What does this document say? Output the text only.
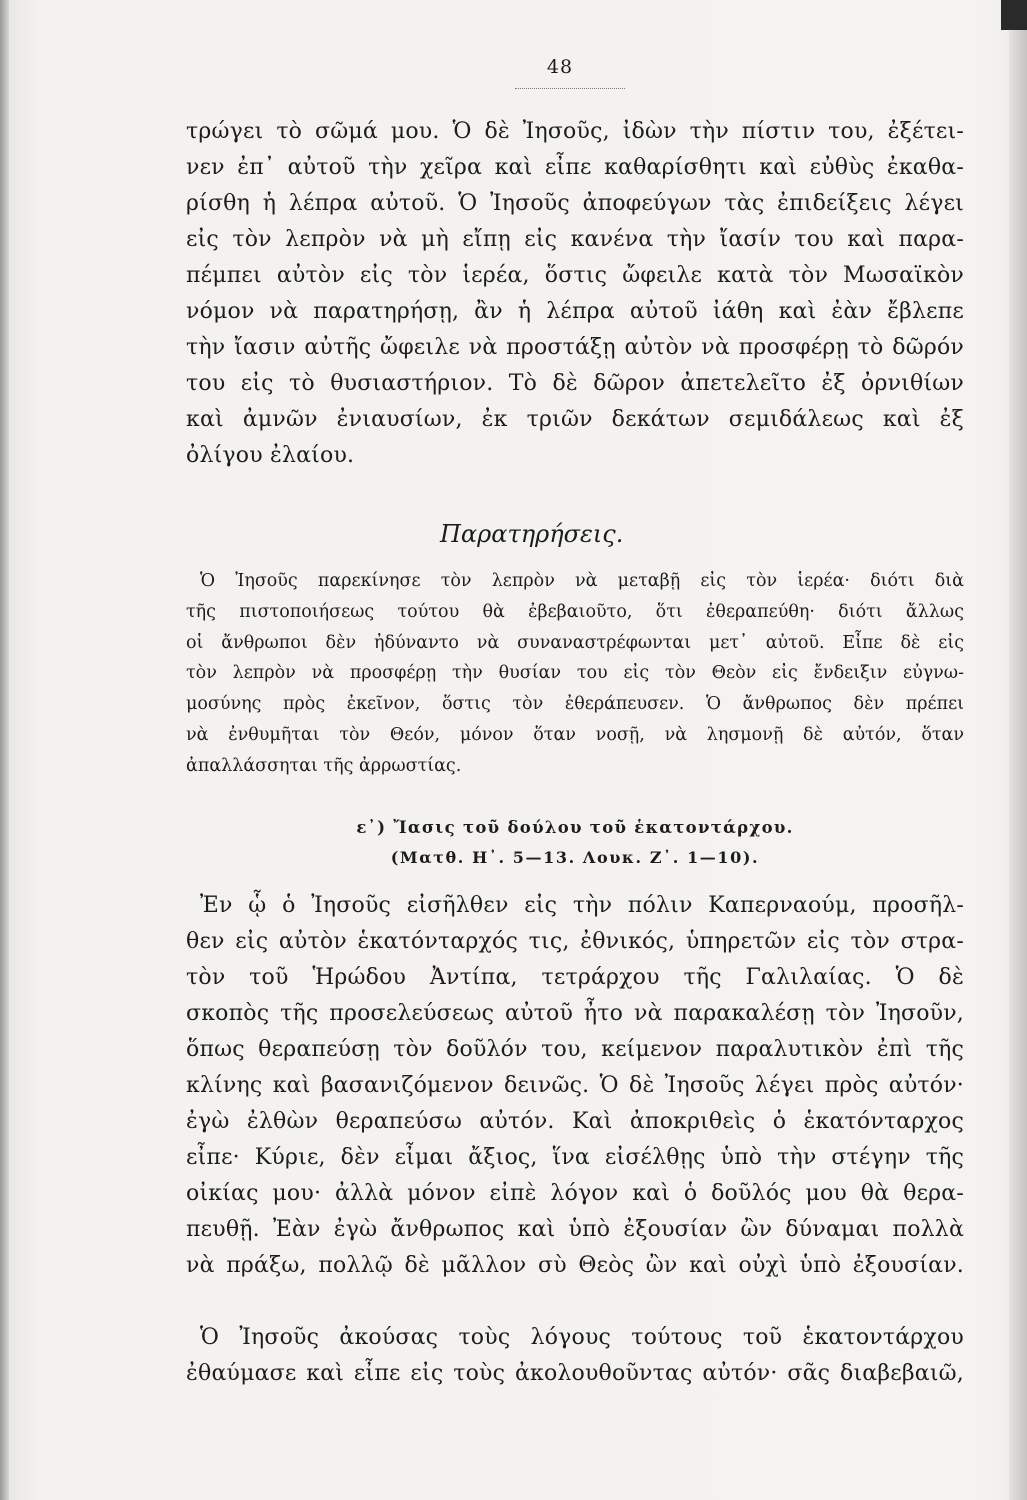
48
τρώγει τὸ σῶμά μου. Ὁ δὲ Ἰησοῦς, ἰδὼν τὴν πίστιν του, ἐξέτει-
νεν ἐπ᾽ αὐτοῦ τὴν χεῖρα καὶ εἶπε καθαρίσθητι καὶ εὐθὺς ἐκαθα-
ρίσθη ἡ λέπρα αὐτοῦ. Ὁ Ἰησοῦς ἀποφεύγων τὰς ἐπιδείξεις λέγει
εἰς τὸν λεπρὸν νὰ μὴ εἴπῃ εἰς κανένα τὴν ἴασίν του καὶ παρα-
πέμπει αὐτὸν εἰς τὸν ἱερέα, ὅστις ὤφειλε κατὰ τὸν Μωσαϊκὸν
νόμον νὰ παρατηρήσῃ, ἂν ἡ λέπρα αὐτοῦ ἰάθη καὶ ἐὰν ἔβλεπε
τὴν ἴασιν αὐτῆς ὤφειλε νὰ προστάξῃ αὐτὸν νὰ προσφέρῃ τὸ δῶρόν
του εἰς τὸ θυσιαστήριον. Τὸ δὲ δῶρον ἀπετελεῖτο ἐξ ὀρνιθίων
καὶ ἀμνῶν ἐνιαυσίων, ἐκ τριῶν δεκάτων σεμιδάλεως καὶ ἐξ
ὀλίγου ἐλαίου.
Παρατηρήσεις.
Ὁ Ἰησοῦς παρεκίνησε τὸν λεπρὸν νὰ μεταβῇ εἰς τὸν ἱερέα· διότι διὰ
τῆς πιστοποιήσεως τούτου θὰ ἐβεβαιοῦτο, ὅτι ἐθεραπεύθη· διότι ἄλλως
οἱ ἄνθρωποι δὲν ἠδύναντο νὰ συναναστρέφωνται μετ᾽ αὐτοῦ. Εἶπε δὲ εἰς
τὸν λεπρὸν νὰ προσφέρῃ τὴν θυσίαν του εἰς τὸν Θεὸν εἰς ἔνδειξιν εὐγνω-
μοσύνης πρὸς ἐκεῖνον, ὅστις τὸν ἐθεράπευσεν. Ὁ ἄνθρωπος δὲν πρέπει
νὰ ἐνθυμῆται τὸν Θεόν, μόνον ὅταν νοσῇ, νὰ λησμονῇ δὲ αὐτόν, ὅταν
ἀπαλλάσσηται τῆς ἀρρωστίας.
ε᾽) Ἴασις τοῦ δούλου τοῦ ἑκατοντάρχου.
(Ματθ. Η᾽. 5—13. Λουκ. Ζ᾽. 1—10).
Ἐν ᾧ ὁ Ἰησοῦς εἰσῆλθεν εἰς τὴν πόλιν Καπερναούμ, προσῆλ-
θεν εἰς αὐτὸν ἑκατόνταρχός τις, ἐθνικός, ὑπηρετῶν εἰς τὸν στρα-
τὸν τοῦ Ἡρώδου Ἀντίπα, τετράρχου τῆς Γαλιλαίας. Ὁ δὲ
σκοπὸς τῆς προσελεύσεως αὐτοῦ ἦτο νὰ παρακαλέσῃ τὸν Ἰησοῦν,
ὅπως θεραπεύσῃ τὸν δοῦλόν του, κείμενον παραλυτικὸν ἐπὶ τῆς
κλίνης καὶ βασανιζόμενον δεινῶς. Ὁ δὲ Ἰησοῦς λέγει πρὸς αὐτόν·
ἐγὼ ἐλθὼν θεραπεύσω αὐτόν. Καὶ ἀποκριθεὶς ὁ ἑκατόνταρχος
εἶπε· Κύριε, δὲν εἶμαι ἄξιος, ἵνα εἰσέλθῃς ὑπὸ τὴν στέγην τῆς
οἰκίας μου· ἀλλὰ μόνον εἰπὲ λόγον καὶ ὁ δοῦλός μου θὰ θερα-
πευθῇ. Ἐὰν ἐγὼ ἄνθρωπος καὶ ὑπὸ ἐξουσίαν ὢν δύναμαι πολλὰ
νὰ πράξω, πολλῷ δὲ μᾶλλον σὺ Θεὸς ὢν καὶ οὐχὶ ὑπὸ ἐξουσίαν.
Ὁ Ἰησοῦς ἀκούσας τοὺς λόγους τούτους τοῦ ἑκατοντάρχου
ἐθαύμασε καὶ εἶπε εἰς τοὺς ἀκολουθοῦντας αὐτόν· σᾶς διαβεβαιῶ,
